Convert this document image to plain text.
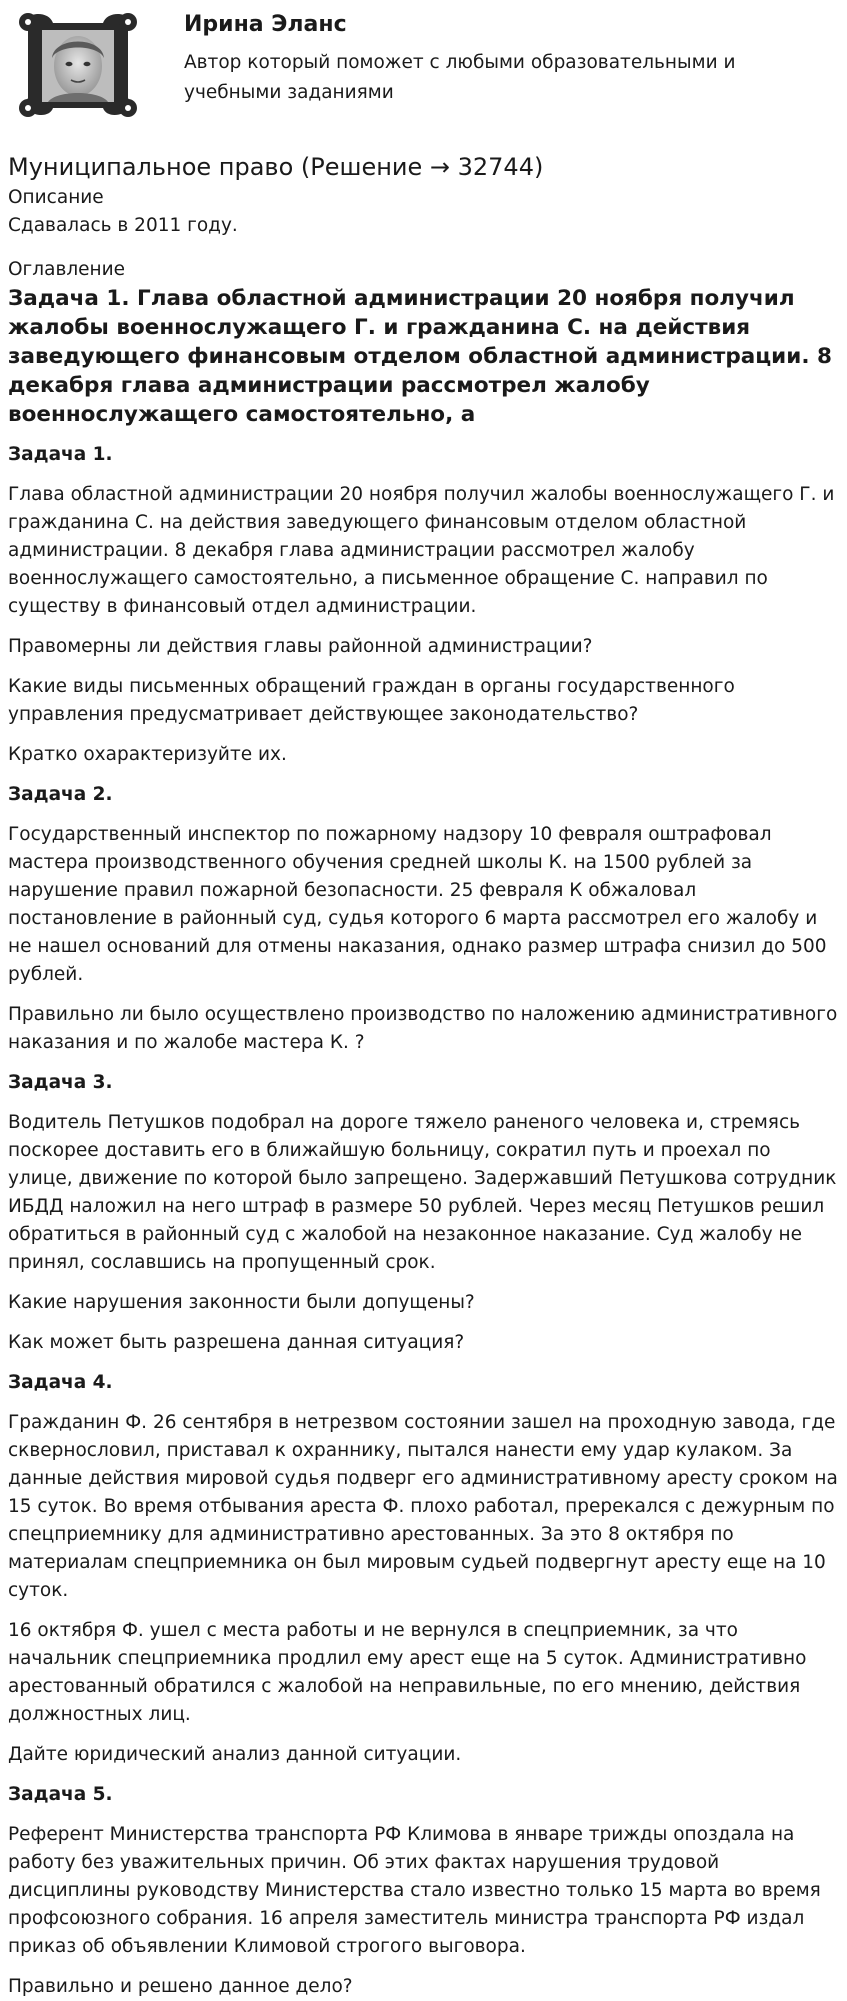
Ирина Эланс
Автор который поможет с любыми образовательными и учебными заданиями
Муниципальное право (Решение → 32744)
Описание
Сдавалась в 2011 году.
Оглавление
Задача 1. Глава областной администрации 20 ноября получил жалобы военнослужащего Г. и гражданина С. на действия заведующего финансовым отделом областной администрации. 8 декабря глава администрации рассмотрел жалобу военнослужащего самостоятельно, а
Задача 1.
Глава областной администрации 20 ноября получил жалобы военнослужащего Г. и гражданина С. на действия заведующего финансовым отделом областной администрации. 8 декабря глава администрации рассмотрел жалобу военнослужащего самостоятельно, а письменное обращение С. направил по существу в финансовый отдел администрации.
Правомерны ли действия главы районной администрации?
Какие виды письменных обращений граждан в органы государственного управления предусматривает действующее законодательство?
Кратко охарактеризуйте их.
Задача 2.
Государственный инспектор по пожарному надзору 10 февраля оштрафовал мастера производственного обучения средней школы К. на 1500 рублей за нарушение правил пожарной безопасности. 25 февраля К обжаловал постановление в районный суд, судья которого 6 марта рассмотрел его жалобу и не нашел оснований для отмены наказания, однако размер штрафа снизил до 500 рублей.
Правильно ли было осуществлено производство по наложению административного наказания и по жалобе мастера К. ?
Задача 3.
Водитель Петушков подобрал на дороге тяжело раненого человека и, стремясь поскорее доставить его в ближайшую больницу, сократил путь и проехал по улице, движение по которой было запрещено. Задержавший Петушкова сотрудник ИБДД наложил на него штраф в размере 50 рублей. Через месяц Петушков решил обратиться в районный суд с жалобой на незаконное наказание. Суд жалобу не принял, сославшись на пропущенный срок.
Какие нарушения законности были допущены?
Как может быть разрешена данная ситуация?
Задача 4.
Гражданин Ф. 26 сентября в нетрезвом состоянии зашел на проходную завода, где сквернословил, приставал к охраннику, пытался нанести ему удар кулаком. За данные действия мировой судья подверг его административному аресту сроком на 15 суток. Во время отбывания ареста Ф. плохо работал, пререкался с дежурным по спецприемнику для административно арестованных. За это 8 октября по материалам спецприемника он был мировым судьей подвергнут аресту еще на 10 суток.
16 октября Ф. ушел с места работы и не вернулся в спецприемник, за что начальник спецприемника продлил ему арест еще на 5 суток. Административно арестованный обратился с жалобой на неправильные, по его мнению, действия должностных лиц.
Дайте юридический анализ данной ситуации.
Задача 5.
Референт Министерства транспорта РФ Климова в январе трижды опоздала на работу без уважительных причин. Об этих фактах нарушения трудовой дисциплины руководству Министерства стало известно только 15 марта во время профсоюзного собрания. 16 апреля заместитель министра транспорта РФ издал приказ об объявлении Климовой строгого выговора.
Правильно и решено данное дело?
